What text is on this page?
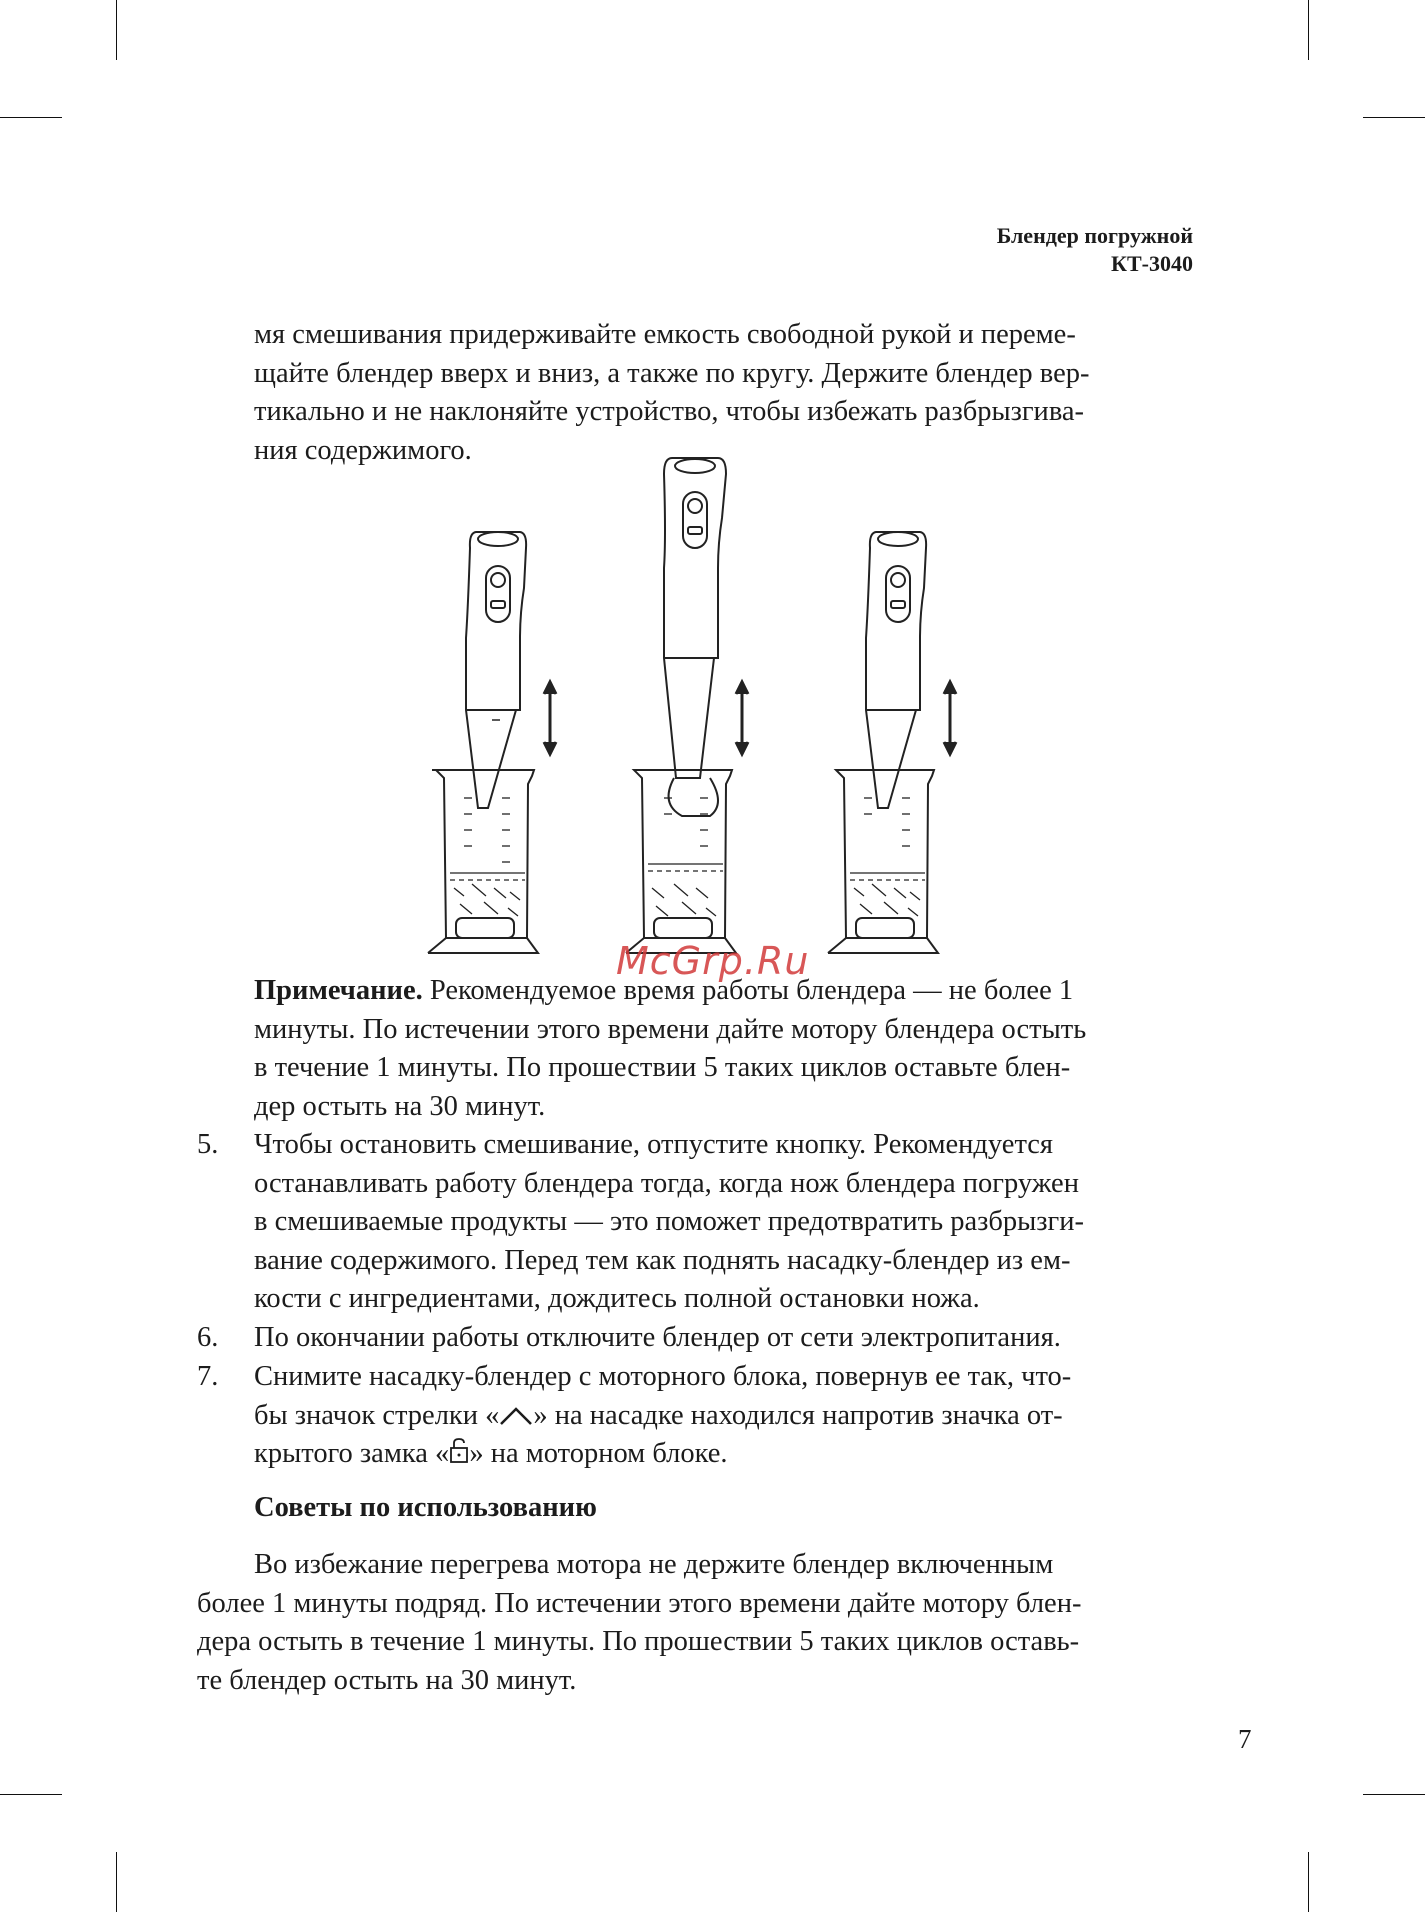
Блендер погружной
КТ-3040
мя смешивания придерживайте емкость свободной рукой и переме-
щайте блендер вверх и вниз, а также по кругу. Держите блендер вер-
тикально и не наклоняйте устройство, чтобы избежать разбрызгива-
ния содержимого.
McGrp.Ru
Примечание. Рекомендуемое время работы блендера — не более 1
минуты. По истечении этого времени дайте мотору блендера остыть
в течение 1 минуты. По прошествии 5 таких циклов оставьте блен-
дер остыть на 30 минут.
5. Чтобы остановить смешивание, отпустите кнопку. Рекомендуется
останавливать работу блендера тогда, когда нож блендера погружен
в смешиваемые продукты — это поможет предотвратить разбрызги-
вание содержимого. Перед тем как поднять насадку-блендер из ем-
кости с ингредиентами, дождитесь полной остановки ножа.
6. По окончании работы отключите блендер от сети электропитания.
7. Снимите насадку-блендер с моторного блока, повернув ее так, что-
бы значок стрелки « » на насадке находился напротив значка от-
крытого замка « » на моторном блоке.
Советы по использованию
Во избежание перегрева мотора не держите блендер включенным
более 1 минуты подряд. По истечении этого времени дайте мотору блен-
дера остыть в течение 1 минуты. По прошествии 5 таких циклов оставь-
те блендер остыть на 30 минут.
7
